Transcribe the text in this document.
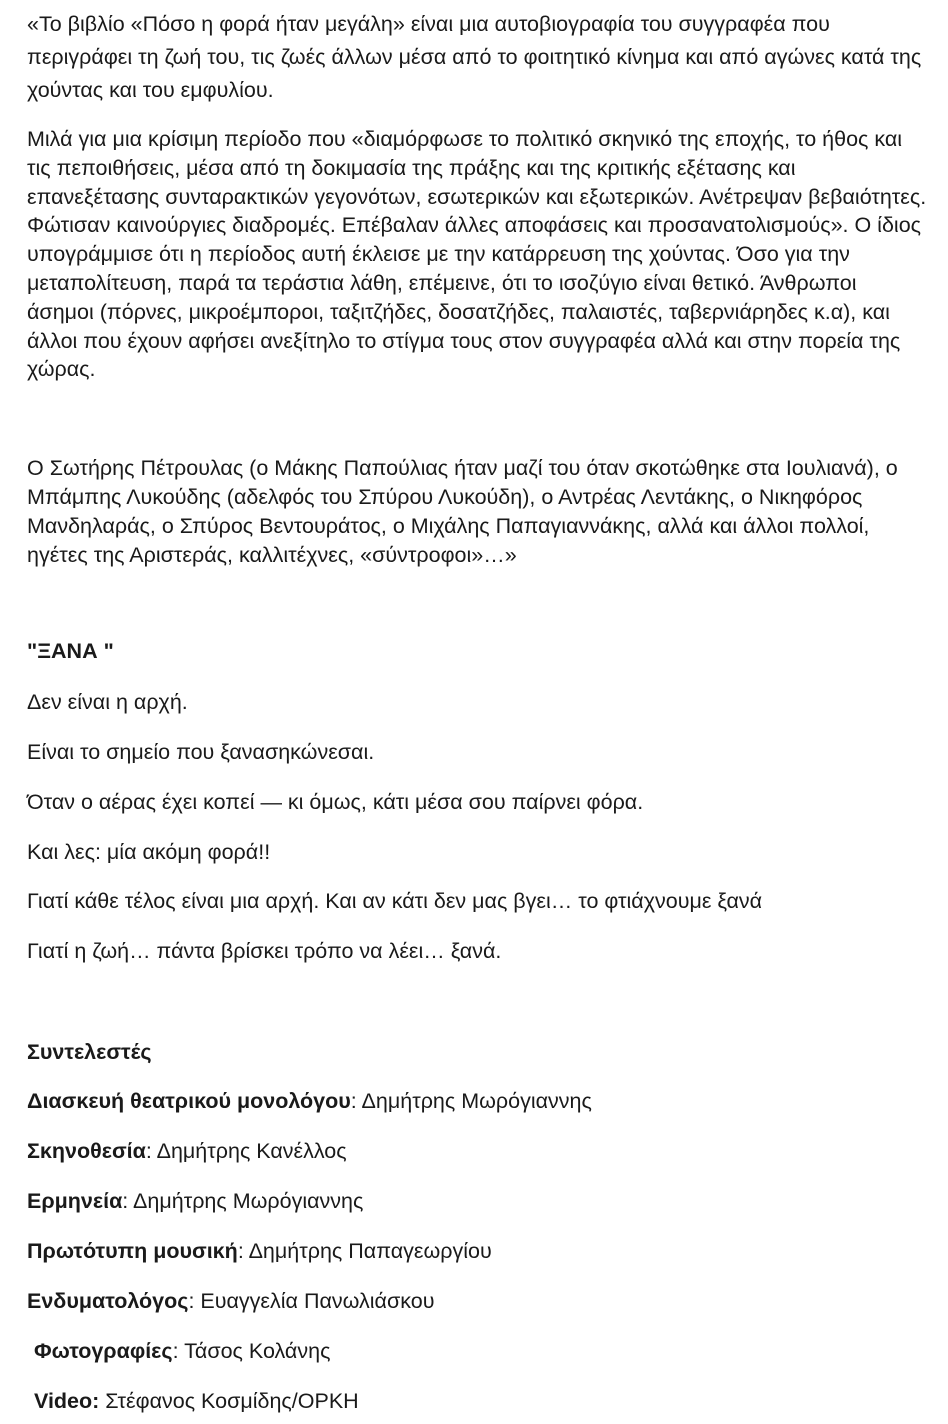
«Το βιβλίο «Πόσο η φορά ήταν μεγάλη» είναι μια αυτοβιογραφία του συγγραφέα που περιγράφει τη ζωή του, τις ζωές άλλων μέσα από το φοιτητικό κίνημα και από αγώνες κατά της χούντας και του εμφυλίου.

Μιλά για μια κρίσιμη περίοδο που «διαμόρφωσε το πολιτικό σκηνικό της εποχής, το ήθος και τις πεποιθήσεις, μέσα από τη δοκιμασία της πράξης και της κριτικής εξέτασης και επανεξέτασης συνταρακτικών γεγονότων, εσωτερικών και εξωτερικών. Ανέτρεψαν βεβαιότητες. Φώτισαν καινούργιες διαδρομές. Επέβαλαν άλλες αποφάσεις και προσανατολισμούς». Ο ίδιος υπογράμμισε ότι η περίοδος αυτή έκλεισε με την κατάρρευση της χούντας. Όσο για την μεταπολίτευση, παρά τα τεράστια λάθη, επέμεινε, ότι το ισοζύγιο είναι θετικό. Άνθρωποι άσημοι (πόρνες, μικροέμποροι, ταξιτζήδες, δοσατζήδες, παλαιστές, ταβερνιάρηδες κ.α), και άλλοι που έχουν αφήσει ανεξίτηλο το στίγμα τους στον συγγραφέα αλλά και στην πορεία της χώρας.

Ο Σωτήρης Πέτρουλας (ο Μάκης Παπούλιας ήταν μαζί του όταν σκοτώθηκε στα Ιουλιανά), ο Μπάμπης Λυκούδης (αδελφός του Σπύρου Λυκούδη), ο Αντρέας Λεντάκης, ο Νικηφόρος Μανδηλαράς, ο Σπύρος Βεντουράτος, ο Μιχάλης Παπαγιαννάκης, αλλά και άλλοι πολλοί, ηγέτες της Αριστεράς, καλλιτέχνες, «σύντροφοι»…»

"ΞΑΝΑ "
Δεν είναι η αρχή.
Είναι το σημείο που ξανασηκώνεσαι.
Όταν ο αέρας έχει κοπεί — κι όμως, κάτι μέσα σου παίρνει φόρα.
Και λες: μία ακόμη φορά!!
Γιατί κάθε τέλος είναι μια αρχή. Και αν κάτι δεν μας βγει… το φτιάχνουμε ξανά
Γιατί η ζωή… πάντα βρίσκει τρόπο να λέει… ξανά.
Συντελεστές
Διασκευή θεατρικού μονολόγου: Δημήτρης Μωρόγιαννης
Σκηνοθεσία: Δημήτρης Κανέλλος
Ερμηνεία: Δημήτρης Μωρόγιαννης
Πρωτότυπη μουσική: Δημήτρης Παπαγεωργίου
Ενδυματολόγος: Ευαγγελία Πανωλιάσκου
Φωτογραφίες: Τάσος Κολάνης
Video: Στέφανος Κοσμίδης/ΟΡΚΗ
